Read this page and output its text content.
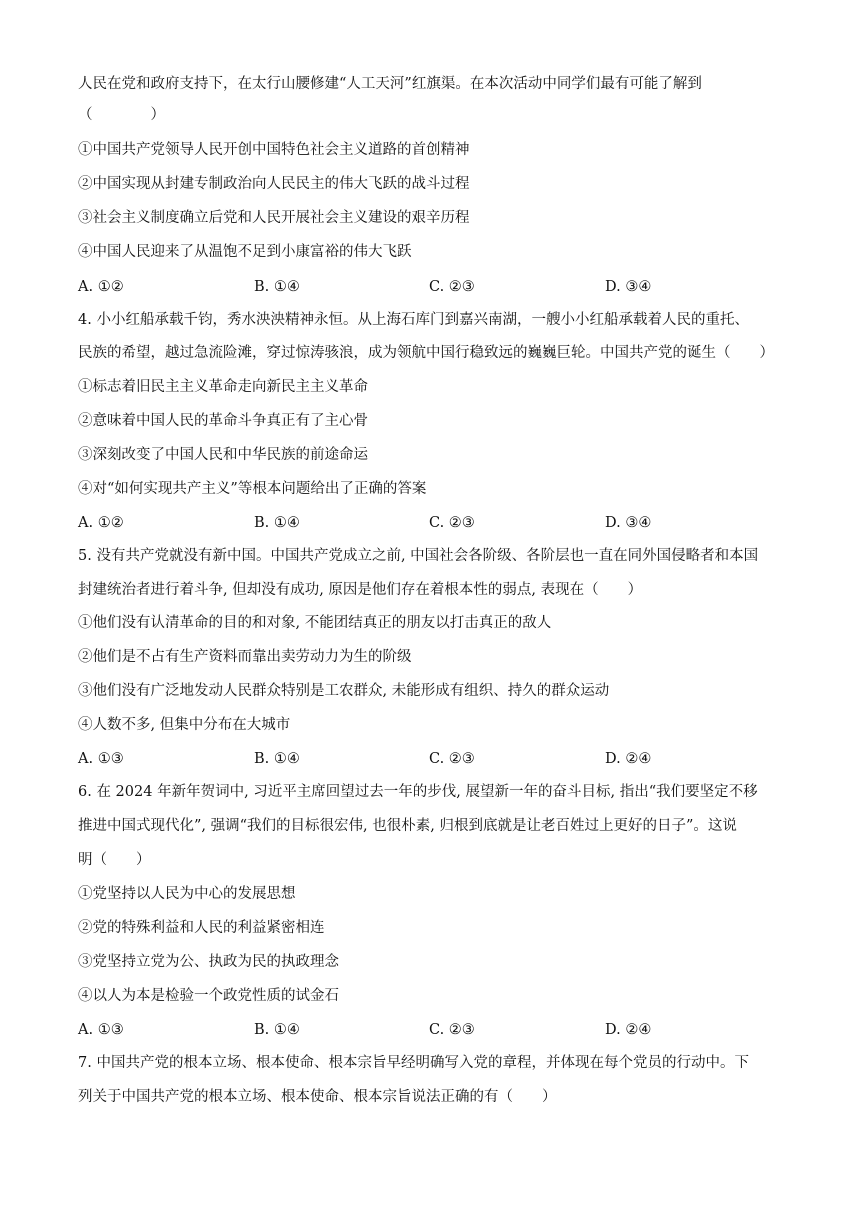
人民在党和政府支持下，在太行山腰修建“人工天河”红旗渠。在本次活动中同学们最有可能了解到
（　　　　）
①中国共产党领导人民开创中国特色社会主义道路的首创精神
②中国实现从封建专制政治向人民民主的伟大飞跃的战斗过程
③社会主义制度确立后党和人民开展社会主义建设的艰辛历程
④中国人民迎来了从温饱不足到小康富裕的伟大飞跃
A. ①②	B. ①④	C. ②③	D. ③④
4. 小小红船承载千钧，秀水泱泱精神永恒。从上海石库门到嘉兴南湖，一艘小小红船承载着人民的重托、
民族的希望，越过急流险滩，穿过惊涛骇浪，成为领航中国行稳致远的巍巍巨轮。中国共产党的诞生（　　）
①标志着旧民主主义革命走向新民主主义革命
②意味着中国人民的革命斗争真正有了主心骨
③深刻改变了中国人民和中华民族的前途命运
④对“如何实现共产主义”等根本问题给出了正确的答案
A. ①②	B. ①④	C. ②③	D. ③④
5. 没有共产党就没有新中国。中国共产党成立之前, 中国社会各阶级、各阶层也一直在同外国侵略者和本国
封建统治者进行着斗争, 但却没有成功, 原因是他们存在着根本性的弱点, 表现在（　　）
①他们没有认清革命的目的和对象, 不能团结真正的朋友以打击真正的敌人
②他们是不占有生产资料而靠出卖劳动力为生的阶级
③他们没有广泛地发动人民群众特别是工农群众, 未能形成有组织、持久的群众运动
④人数不多, 但集中分布在大城市
A. ①③	B. ①④	C. ②③	D. ②④
6. 在 2024 年新年贺词中, 习近平主席回望过去一年的步伐, 展望新一年的奋斗目标, 指出“我们要坚定不移
推进中国式现代化”, 强调“我们的目标很宏伟, 也很朴素, 归根到底就是让老百姓过上更好的日子”。这说
明（　　）
①党坚持以人民为中心的发展思想
②党的特殊利益和人民的利益紧密相连
③党坚持立党为公、执政为民的执政理念
④以人为本是检验一个政党性质的试金石
A. ①③	B. ①④	C. ②③	D. ②④
7. 中国共产党的根本立场、根本使命、根本宗旨早经明确写入党的章程，并体现在每个党员的行动中。下
列关于中国共产党的根本立场、根本使命、根本宗旨说法正确的有（　　）
